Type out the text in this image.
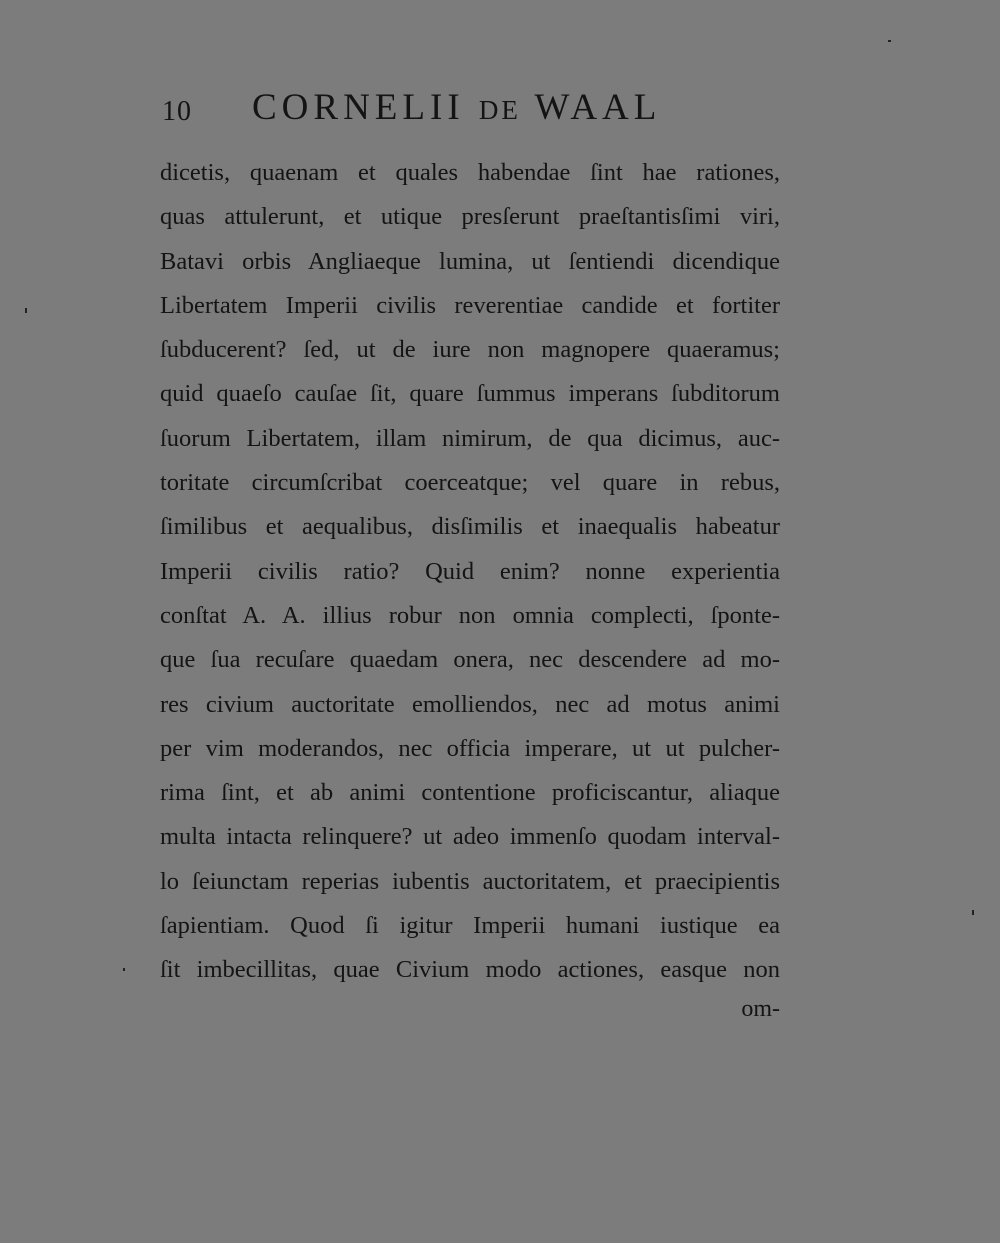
10 CORNELII DE WAAL
dicetis, quaenam et quales habendae ſint hae rationes,
quas attulerunt, et utique presſerunt praeſtantisſimi viri,
Batavi orbis Angliaeque lumina, ut ſentiendi dicendique
Libertatem Imperii civilis reverentiae candide et fortiter
ſubducerent? ſed, ut de iure non magnopere quaeramus;
quid quaeſo cauſae ſit, quare ſummus imperans ſubditorum
ſuorum Libertatem, illam nimirum, de qua dicimus, auc-
toritate circumſcribat coerceatque; vel quare in rebus,
ſimilibus et aequalibus, disſimilis et inaequalis habeatur
Imperii civilis ratio? Quid enim? nonne experientia
conſtat A. A. illius robur non omnia complecti, ſponte-
que ſua recuſare quaedam onera, nec descendere ad mo-
res civium auctoritate emolliendos, nec ad motus animi
per vim moderandos, nec officia imperare, ut ut pulcher-
rima ſint, et ab animi contentione proficiscantur, aliaque
multa intacta relinquere? ut adeo immenſo quodam interval-
lo ſeiunctam reperias iubentis auctoritatem, et praecipientis
ſapientiam. Quod ſi igitur Imperii humani iustique ea
ſit imbecillitas, quae Civium modo actiones, easque non
om-
